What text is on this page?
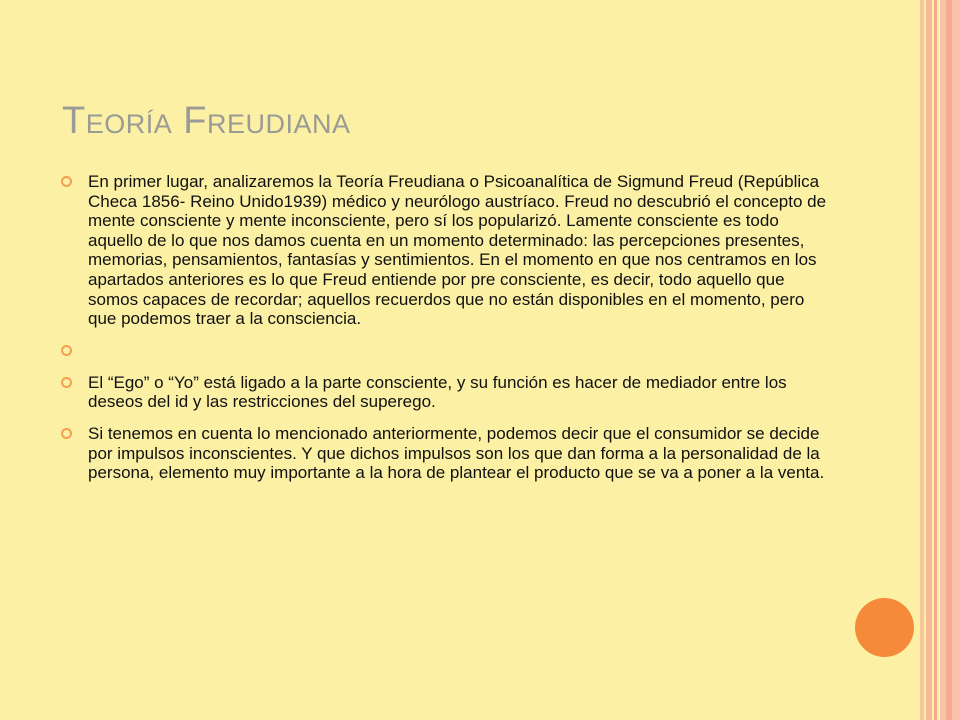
Teoría Freudiana
En primer lugar, analizaremos la Teoría Freudiana o Psicoanalítica de Sigmund Freud (República Checa 1856- Reino Unido1939) médico y neurólogo austríaco. Freud no descubrió el concepto de mente consciente y mente inconsciente, pero sí los popularizó. Lamente consciente es todo aquello de lo que nos damos cuenta en un momento determinado: las percepciones presentes, memorias, pensamientos, fantasías y sentimientos. En el momento en que nos centramos en los apartados anteriores es lo que Freud entiende por pre consciente, es decir, todo aquello que somos capaces de recordar; aquellos recuerdos que no están disponibles en el momento, pero que podemos traer a la consciencia.
El “Ego” o “Yo” está ligado a la parte consciente, y su función es hacer de mediador entre los deseos del id y las restricciones del superego.
Si tenemos en cuenta lo mencionado anteriormente, podemos decir que el consumidor se decide por impulsos inconscientes. Y que dichos impulsos son los que dan forma a la personalidad de la persona, elemento muy importante a la hora de plantear el producto que se va a poner a la venta.
